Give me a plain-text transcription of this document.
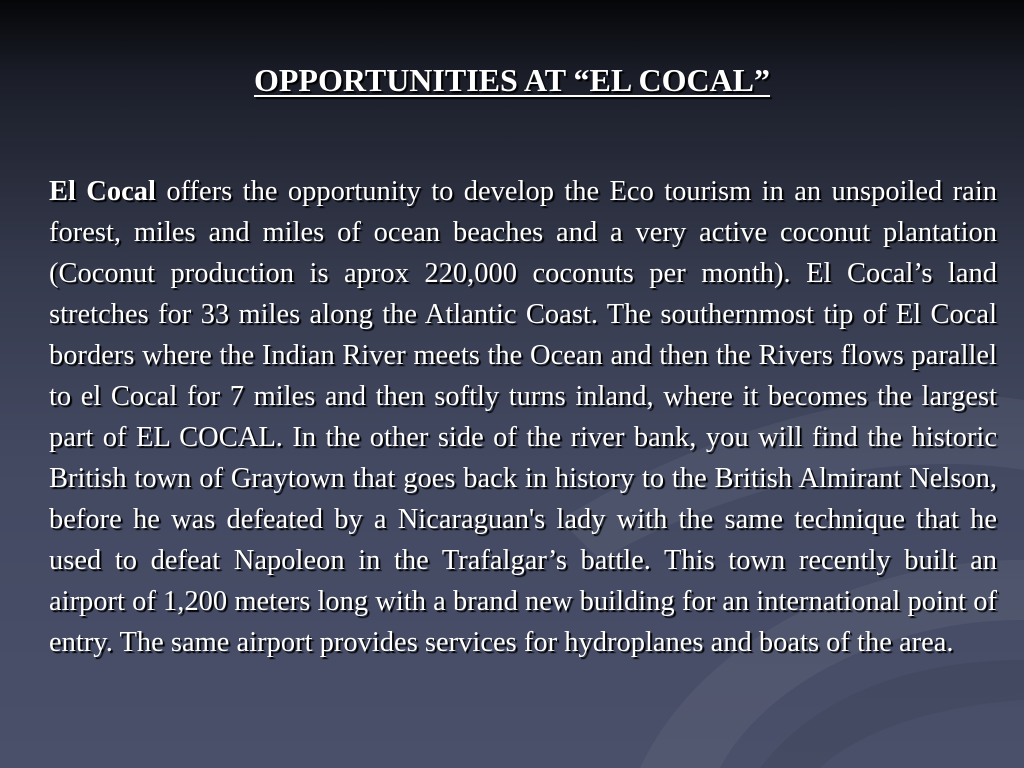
OPPORTUNITIES AT “EL COCAL”
El Cocal offers the opportunity to develop the Eco tourism in an unspoiled rain forest, miles and miles of ocean beaches and a very active coconut plantation (Coconut production is aprox 220,000 coconuts per month). El Cocal’s land stretches for 33 miles along the Atlantic Coast. The southernmost tip of El Cocal borders where the Indian River meets the Ocean and then the Rivers flows parallel to el Cocal for 7 miles and then softly turns inland, where it becomes the largest part of EL COCAL. In the other side of the river bank, you will find the historic British town of Graytown that goes back in history to the British Almirant Nelson, before he was defeated by a Nicaraguan's lady with the same technique that he used to defeat Napoleon in the Trafalgar’s battle. This town recently built an airport of 1,200 meters long with a brand new building for an international point of entry. The same airport provides services for hydroplanes and boats of the area.
